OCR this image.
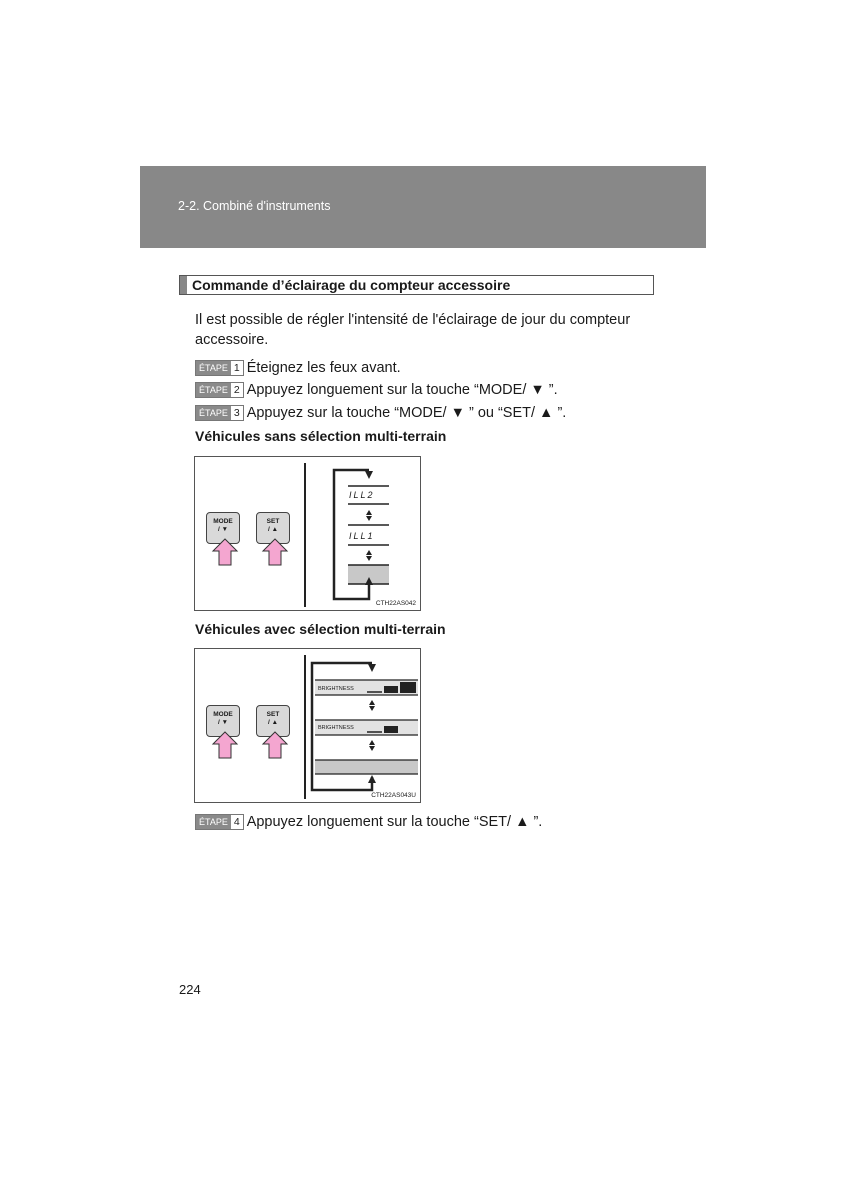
2-2. Combiné d'instruments
Commande d’éclairage du compteur accessoire
Il est possible de régler l'intensité de l'éclairage de jour du compteur accessoire.
ÉTAPE 1 Éteignez les feux avant.
ÉTAPE 2 Appuyez longuement sur la touche “MODE/ ▼ ”.
ÉTAPE 3 Appuyez sur la touche “MODE/ ▼ ” ou “SET/ ▲ ”.
Véhicules sans sélection multi-terrain
MODE
/ ▼
SET
/ ▲
ILL2
ILL1
CTH22AS042
Véhicules avec sélection multi-terrain
MODE
/ ▼
SET
/ ▲
BRIGHTNESS
BRIGHTNESS
CTH22AS043U
ÉTAPE 4 Appuyez longuement sur la touche “SET/ ▲ ”.
224
